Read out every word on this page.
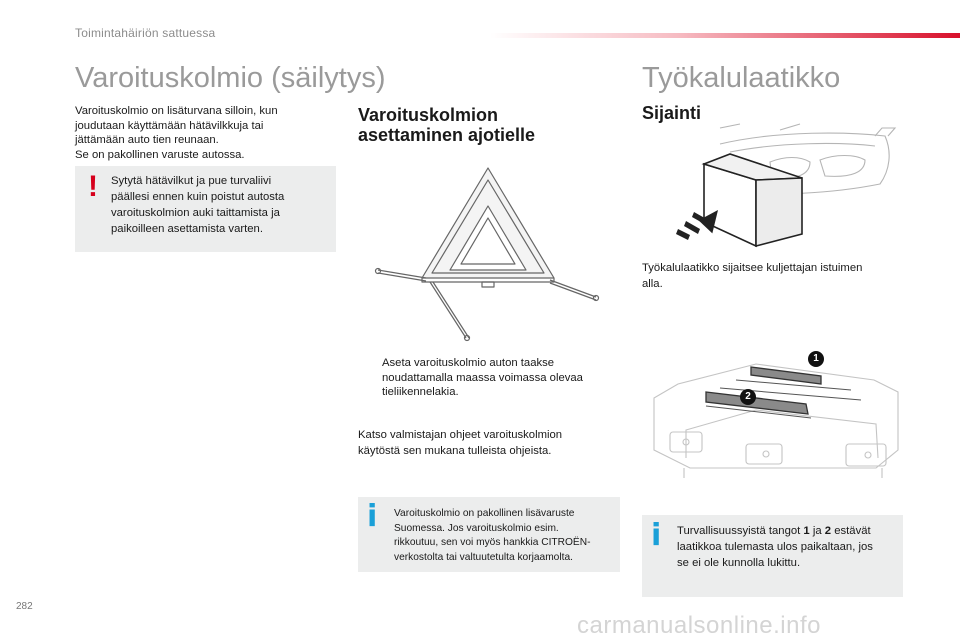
Toimintahäiriön sattuessa
Varoituskolmio (säilytys)
Varoituskolmio on lisäturvana silloin, kun
joudutaan käyttämään hätävilkkuja tai
jättämään auto tien reunaan.
Se on pakollinen varuste autossa.
! Sytytä hätävilkut ja pue turvaliivi
päällesi ennen kuin poistut autosta
varoituskolmion auki taittamista ja
paikoilleen asettamista varten.
Varoituskolmion
asettaminen ajotielle
Aseta varoituskolmio auton taakse
noudattamalla maassa voimassa olevaa
tieliikennelakia.
Katso valmistajan ohjeet varoituskolmion
käytöstä sen mukana tulleista ohjeista.
i Varoituskolmio on pakollinen lisävaruste
Suomessa. Jos varoituskolmio esim.
rikkoutuu, sen voi myös hankkia CITROËN-
verkostolta tai valtuutetulta korjaamolta.
Työkalulaatikko
Sijainti
Työkalulaatikko sijaitsee kuljettajan istuimen
alla.
1
2
i Turvallisuussyistä tangot 1 ja 2 estävät
laatikkoa tulemasta ulos paikaltaan, jos
se ei ole kunnolla lukittu.
282
carmanualsonline.info
